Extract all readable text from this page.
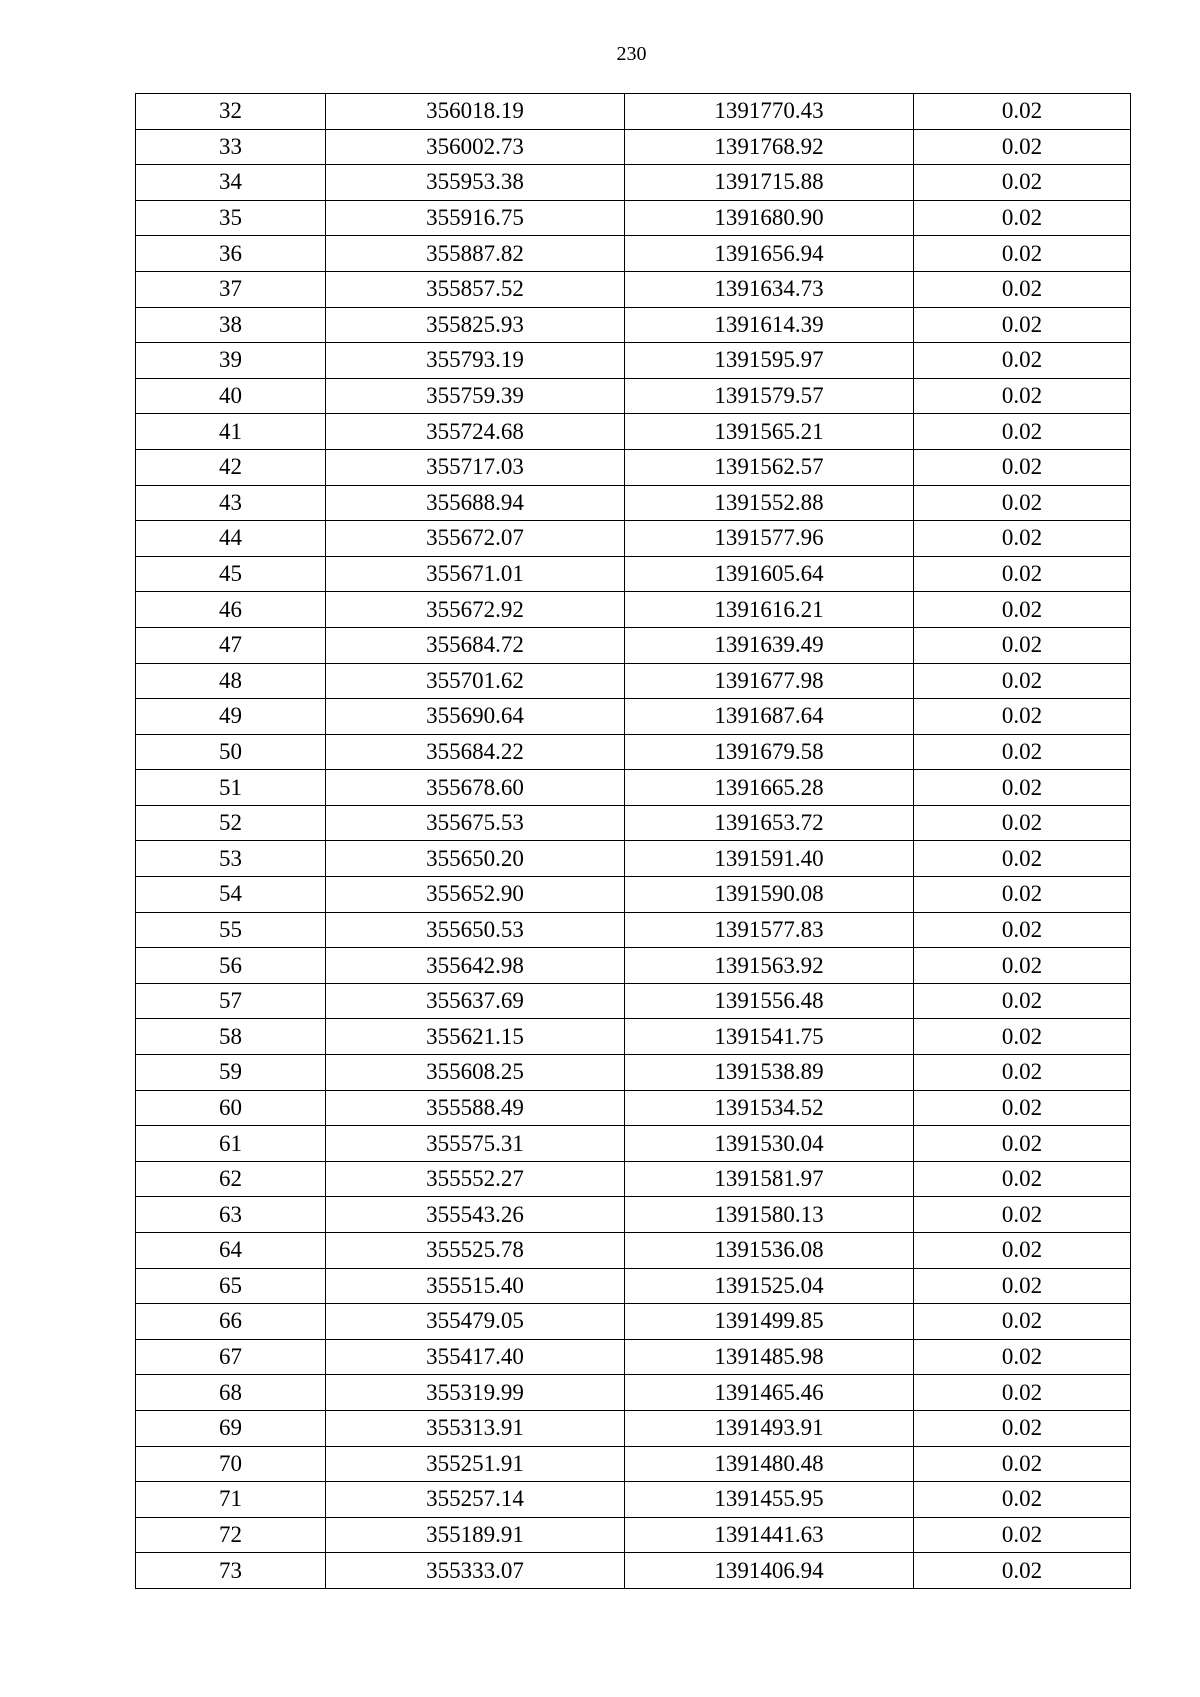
230
32	356018.19	1391770.43	0.02
33	356002.73	1391768.92	0.02
34	355953.38	1391715.88	0.02
35	355916.75	1391680.90	0.02
36	355887.82	1391656.94	0.02
37	355857.52	1391634.73	0.02
38	355825.93	1391614.39	0.02
39	355793.19	1391595.97	0.02
40	355759.39	1391579.57	0.02
41	355724.68	1391565.21	0.02
42	355717.03	1391562.57	0.02
43	355688.94	1391552.88	0.02
44	355672.07	1391577.96	0.02
45	355671.01	1391605.64	0.02
46	355672.92	1391616.21	0.02
47	355684.72	1391639.49	0.02
48	355701.62	1391677.98	0.02
49	355690.64	1391687.64	0.02
50	355684.22	1391679.58	0.02
51	355678.60	1391665.28	0.02
52	355675.53	1391653.72	0.02
53	355650.20	1391591.40	0.02
54	355652.90	1391590.08	0.02
55	355650.53	1391577.83	0.02
56	355642.98	1391563.92	0.02
57	355637.69	1391556.48	0.02
58	355621.15	1391541.75	0.02
59	355608.25	1391538.89	0.02
60	355588.49	1391534.52	0.02
61	355575.31	1391530.04	0.02
62	355552.27	1391581.97	0.02
63	355543.26	1391580.13	0.02
64	355525.78	1391536.08	0.02
65	355515.40	1391525.04	0.02
66	355479.05	1391499.85	0.02
67	355417.40	1391485.98	0.02
68	355319.99	1391465.46	0.02
69	355313.91	1391493.91	0.02
70	355251.91	1391480.48	0.02
71	355257.14	1391455.95	0.02
72	355189.91	1391441.63	0.02
73	355333.07	1391406.94	0.02
